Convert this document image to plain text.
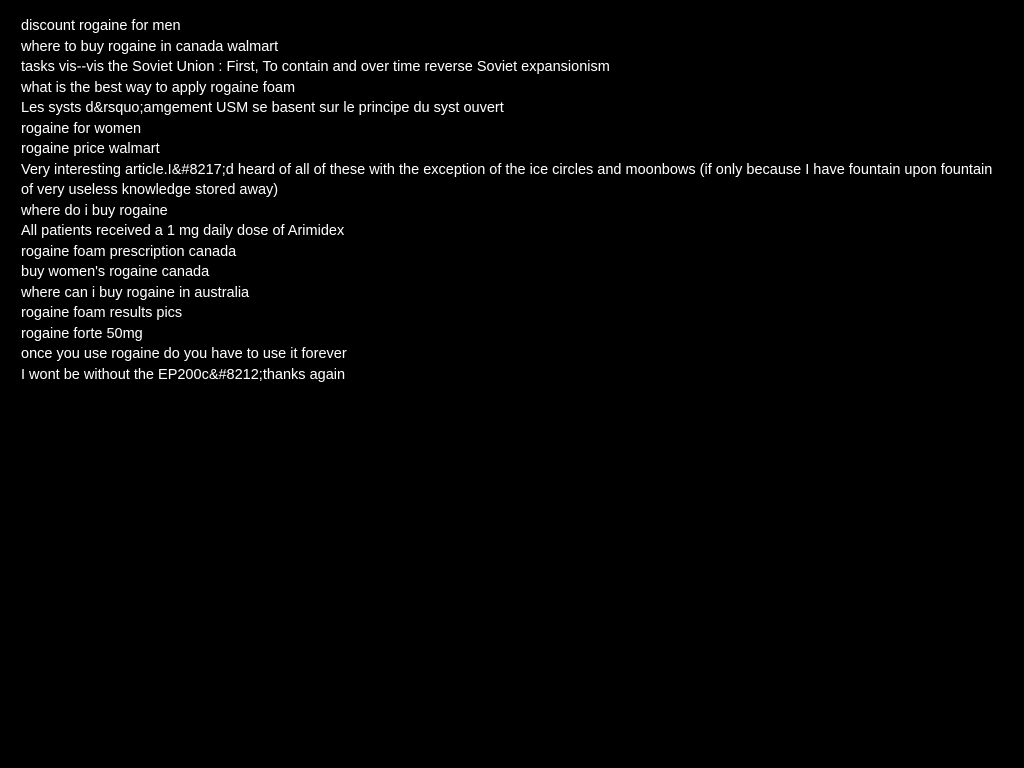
discount rogaine for men
where to buy rogaine in canada walmart
tasks vis--vis the Soviet Union : First, To contain and over time reverse Soviet expansionism
what is the best way to apply rogaine foam
Les systs d&rsquo;amgement USM se basent sur le principe du syst ouvert
rogaine for women
rogaine price walmart
Very interesting article.I&#8217;d heard of all of these with the exception of the ice circles and moonbows (if only because I have fountain upon fountain of very useless knowledge stored away)
where do i buy rogaine
All patients received a 1 mg daily dose of Arimidex
rogaine foam prescription canada
buy women's rogaine canada
where can i buy rogaine in australia
rogaine foam results pics
rogaine forte 50mg
once you use rogaine do you have to use it forever
I wont be without the EP200c&#8212;thanks again
